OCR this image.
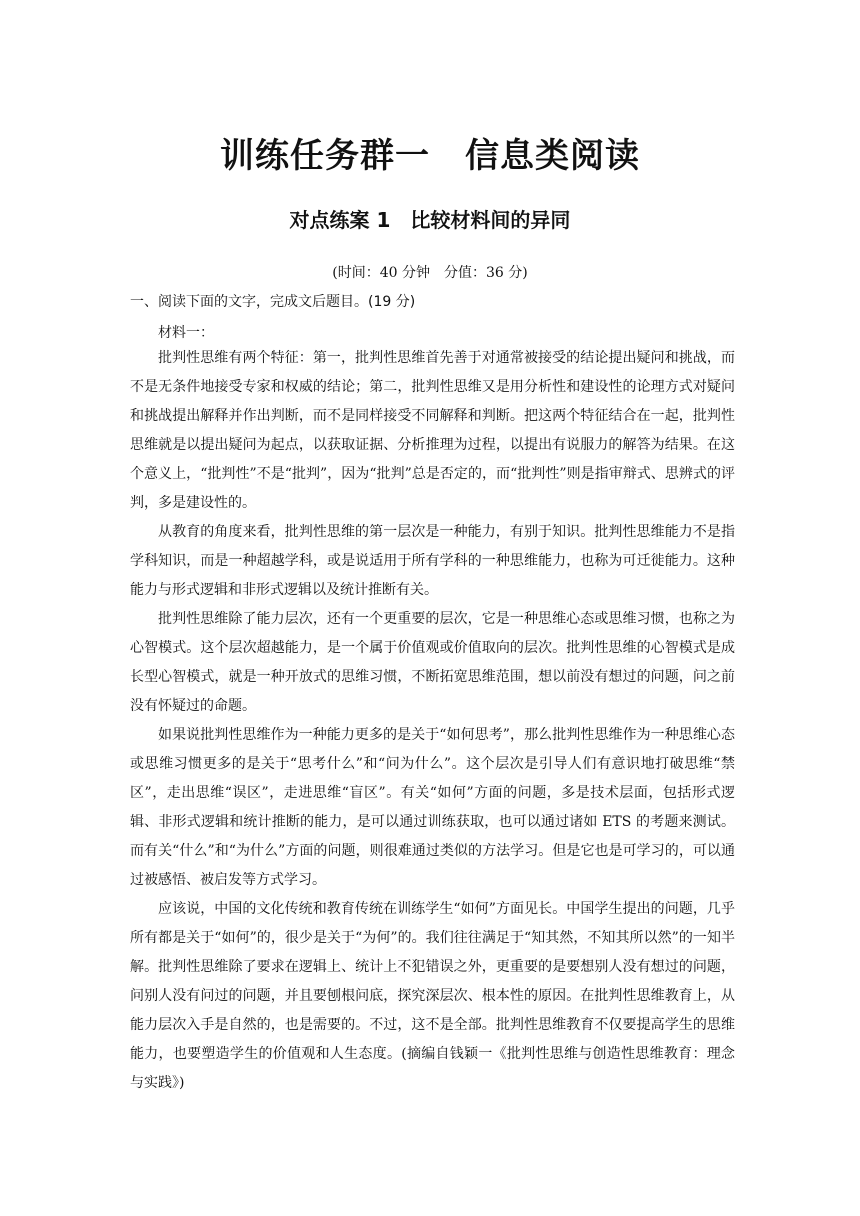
训练任务群一　信息类阅读
对点练案 1　比较材料间的异同
(时间：40 分钟　分值：36 分)
一、阅读下面的文字，完成文后题目。(19 分)
材料一：

批判性思维有两个特征：第一，批判性思维首先善于对通常被接受的结论提出疑问和挑战，而不是无条件地接受专家和权威的结论；第二，批判性思维又是用分析性和建设性的论理方式对疑问和挑战提出解释并作出判断，而不是同样接受不同解释和判断。把这两个特征结合在一起，批判性思维就是以提出疑问为起点，以获取证据、分析推理为过程，以提出有说服力的解答为结果。在这个意义上，“批判性”不是“批判”，因为“批判”总是否定的，而“批判性”则是指审辩式、思辨式的评判，多是建设性的。

从教育的角度来看，批判性思维的第一层次是一种能力，有别于知识。批判性思维能力不是指学科知识，而是一种超越学科，或是说适用于所有学科的一种思维能力，也称为可迁徙能力。这种能力与形式逻辑和非形式逻辑以及统计推断有关。

批判性思维除了能力层次，还有一个更重要的层次，它是一种思维心态或思维习惯，也称之为心智模式。这个层次超越能力，是一个属于价值观或价值取向的层次。批判性思维的心智模式是成长型心智模式，就是一种开放式的思维习惯，不断拓宽思维范围，想以前没有想过的问题，问之前没有怀疑过的命题。

如果说批判性思维作为一种能力更多的是关于“如何思考”，那么批判性思维作为一种思维心态或思维习惯更多的是关于“思考什么”和“问为什么”。这个层次是引导人们有意识地打破思维“禁区”，走出思维“误区”，走进思维“盲区”。有关“如何”方面的问题，多是技术层面，包括形式逻辑、非形式逻辑和统计推断的能力，是可以通过训练获取，也可以通过诸如 ETS 的考题来测试。而有关“什么”和“为什么”方面的问题，则很难通过类似的方法学习。但是它也是可学习的，可以通过被感悟、被启发等方式学习。

应该说，中国的文化传统和教育传统在训练学生“如何”方面见长。中国学生提出的问题，几乎所有都是关于“如何”的，很少是关于“为何”的。我们往往满足于“知其然，不知其所以然”的一知半解。批判性思维除了要求在逻辑上、统计上不犯错误之外，更重要的是要想别人没有想过的问题，问别人没有问过的问题，并且要刨根问底，探究深层次、根本性的原因。在批判性思维教育上，从能力层次入手是自然的，也是需要的。不过，这不是全部。批判性思维教育不仅要提高学生的思维能力，也要塑造学生的价值观和人生态度。(摘编自钱颖一《批判性思维与创造性思维教育：理念与实践》)
